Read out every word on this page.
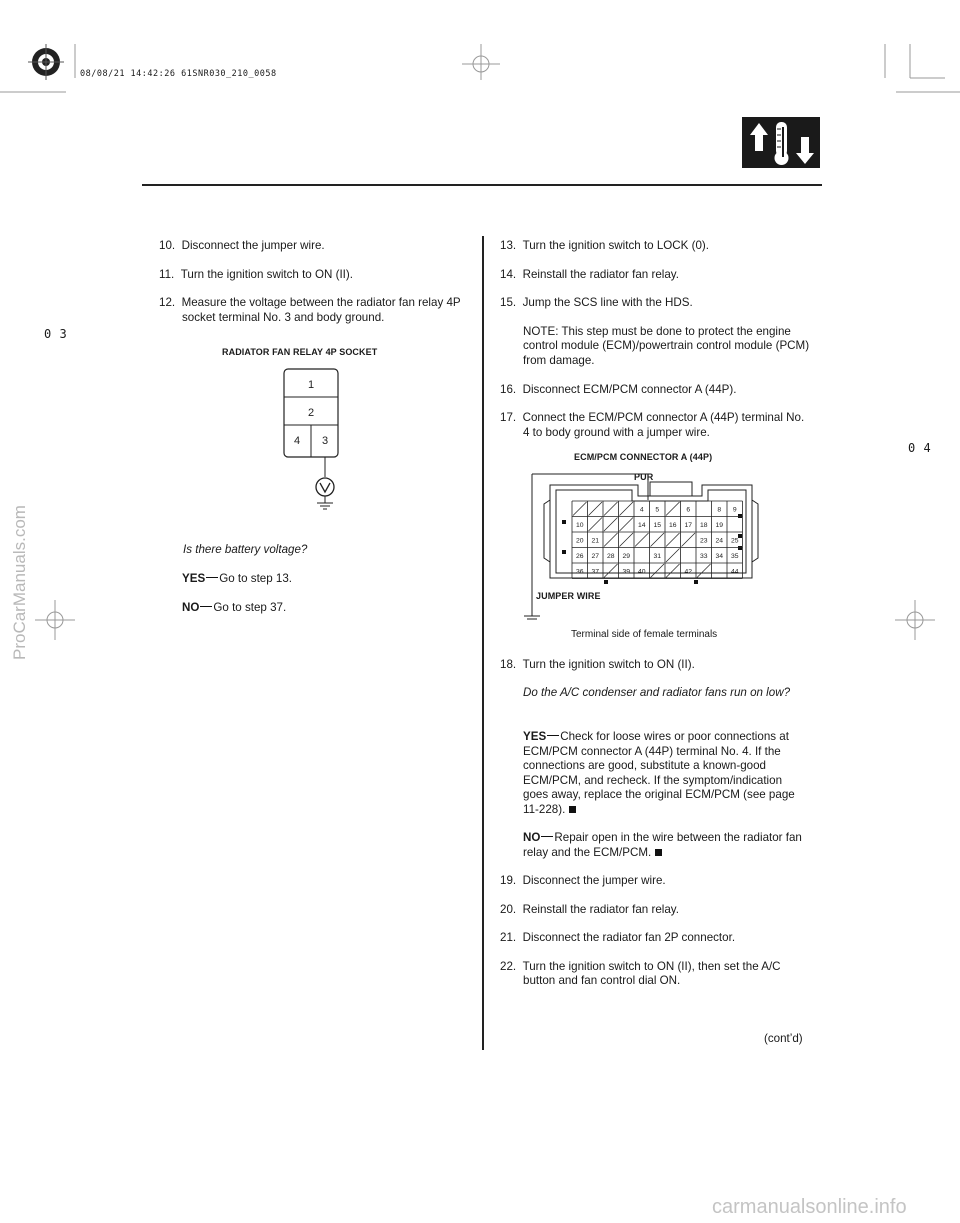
08/08/21 14:42:26 61SNR030_210_0058
ProCarManuals.com
carmanualsonline.info
0 3
0 4
10. Disconnect the jumper wire.
11. Turn the ignition switch to ON (II).
12. Measure the voltage between the radiator fan relay 4P socket terminal No. 3 and body ground.
RADIATOR FAN RELAY 4P SOCKET
1
2
4 3
Is there battery voltage?
YES Go to step 13.
NO Go to step 37.
13. Turn the ignition switch to LOCK (0).
14. Reinstall the radiator fan relay.
15. Jump the SCS line with the HDS.
NOTE: This step must be done to protect the engine control module (ECM)/powertrain control module (PCM) from damage.
16. Disconnect ECM/PCM connector A (44P).
17. Connect the ECM/PCM connector A (44P) terminal No. 4 to body ground with a jumper wire.
ECM/PCM CONNECTOR A (44P)
PUR
JUMPER WIRE
Terminal side of female terminals
4 5	6	8 9
10	14 15 16 17 18 19
20 21	23 24 25
26 27 28 29	31	33 34 35
36 37	39 40	42	44
18. Turn the ignition switch to ON (II).
Do the A/C condenser and radiator fans run on low?
YES Check for loose wires or poor connections at ECM/PCM connector A (44P) terminal No. 4. If the connections are good, substitute a known-good ECM/PCM, and recheck. If the symptom/indication goes away, replace the original ECM/PCM (see page 11-228).
NO Repair open in the wire between the radiator fan relay and the ECM/PCM.
19. Disconnect the jumper wire.
20. Reinstall the radiator fan relay.
21. Disconnect the radiator fan 2P connector.
22. Turn the ignition switch to ON (II), then set the A/C button and fan control dial ON.
(cont’d)
